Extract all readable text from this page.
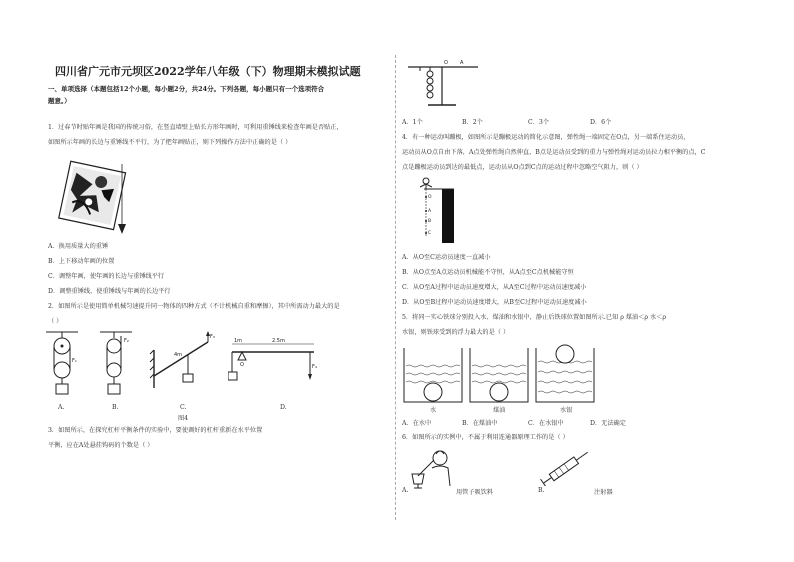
四川省广元市元坝区2022学年八年级（下）物理期末模拟试题
一、单项选择（本题包括12个小题，每小题2分，共24分。下列各题，每小题只有一个选项符合
题意。）
1．过春节时贴年画是我国的传统习俗，在竖直墙壁上贴长方形年画时，可利用重锤线来检查年画是否贴正，
如图所示年画的长边与重锤线不平行，为了把年画贴正，则下列操作方法中正确的是（ ）
A．换用质量大的重锤
B．上下移动年画的位置
C．调整年画，使年画的长边与重锤线平行
D．调整重锤线，使重锤线与年画的长边平行
2．如图所示是使用简单机械匀速提升同一物体的四种方式（不计机械自重和摩擦），其中所需动力最大的是
（ ）
F₁
F₂
F₃
4m
O
1m	2.5m
F₄
A.	B.	C.
图4
D.
3．如图所示，在探究杠杆平衡条件的实验中，要使调好的杠杆重新在水平位置
平衡，应在A处悬挂钩码的个数是（ ）
O A
A．1个	B．2个	C．3个	D．6个
4．有一种运动叫蹦极，如图所示是蹦极运动的简化示意图，弹性绳一端固定在O点，另一端系住运动员，
运动员从O点自由下落，A点处弹性绳自然伸直，B点是运动员受到的重力与弹性绳对运动员拉力相平衡的点，C
点是蹦极运动员到达的最低点，运动员从O点到C点的运动过程中忽略空气阻力，则（ ）
O
A
B
C
A．从O至C运动员速度一直减小
B．从O点至A点运动员机械能不守恒，从A点至C点机械能守恒
C．从O至A过程中运动员速度增大，从A至C过程中运动员速度减小
D．从O至B过程中运动员速度增大，从B至C过程中运动员速度减小
5．将同一实心铁球分别投入水、煤油和水银中，静止后铁球位置如图所示.已知 ρ 煤油＜ρ 水＜ρ
水银，则铁球受到的浮力最大的是（ ）
水	煤油	水银
A．在水中	B．在煤油中	C．在水银中	D．无法确定
6．如图所示的实例中，不属于利用连通器原理工作的是（ ）
A.	用管子吸饮料	B.	注射器
